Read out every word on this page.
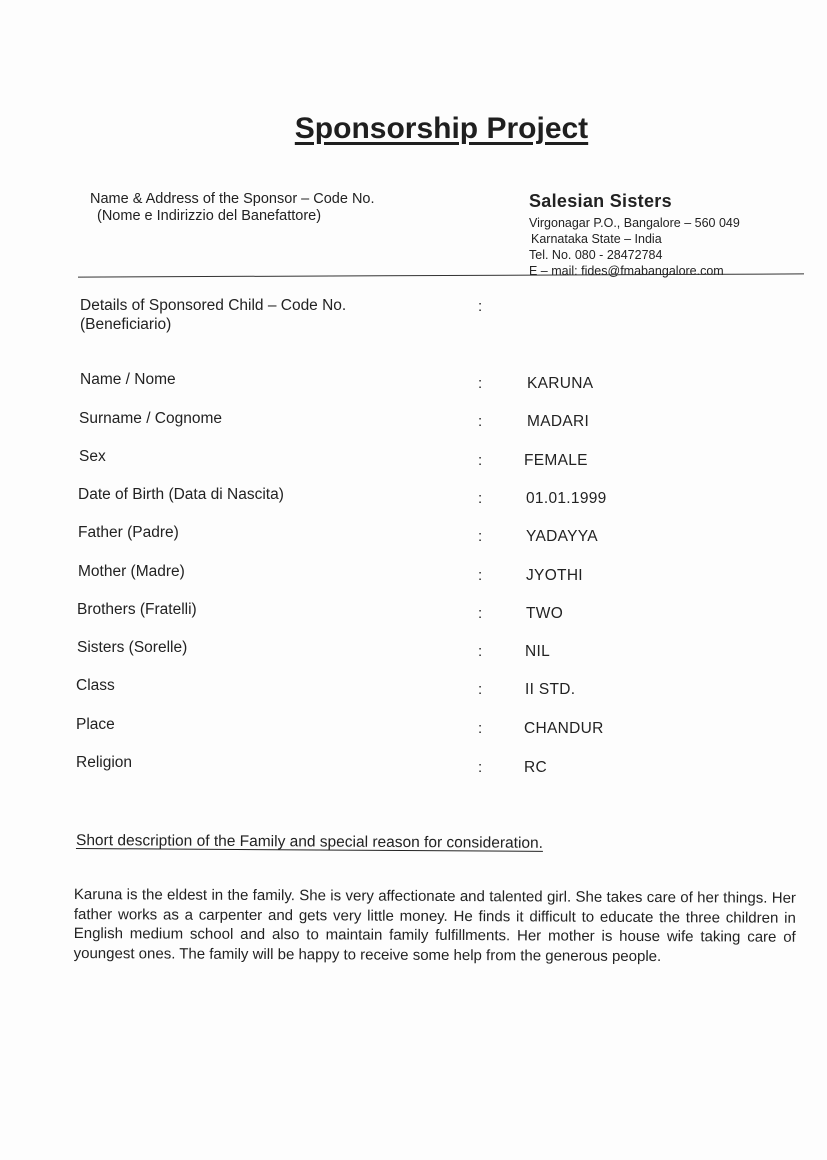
Sponsorship Project
Name & Address of the Sponsor – Code No.
(Nome e Indirizzio del Banefattore)
Salesian Sisters
Virgonagar P.O., Bangalore – 560 049
Karnataka State – India
Tel. No. 080 - 28472784
E – mail: fides@fmabangalore.com
Details of Sponsored Child – Code No.
(Beneficiario)
:
Name / Nome	:	KARUNA
Surname / Cognome	:	MADARI
Sex	:	FEMALE
Date of Birth (Data di Nascita)	:	01.01.1999
Father (Padre)	:	YADAYYA
Mother (Madre)	:	JYOTHI
Brothers (Fratelli)	:	TWO
Sisters (Sorelle)	:	NIL
Class	:	II STD.
Place	:	CHANDUR
Religion	:	RC
Short description of the Family and special reason for consideration.
Karuna is the eldest in the family. She is very affectionate and talented girl. She takes care of her things. Her father works as a carpenter and gets very little money. He finds it difficult to educate the three children in English medium school and also to maintain family fulfillments. Her mother is house wife taking care of youngest ones. The family will be happy to receive some help from the generous people.
